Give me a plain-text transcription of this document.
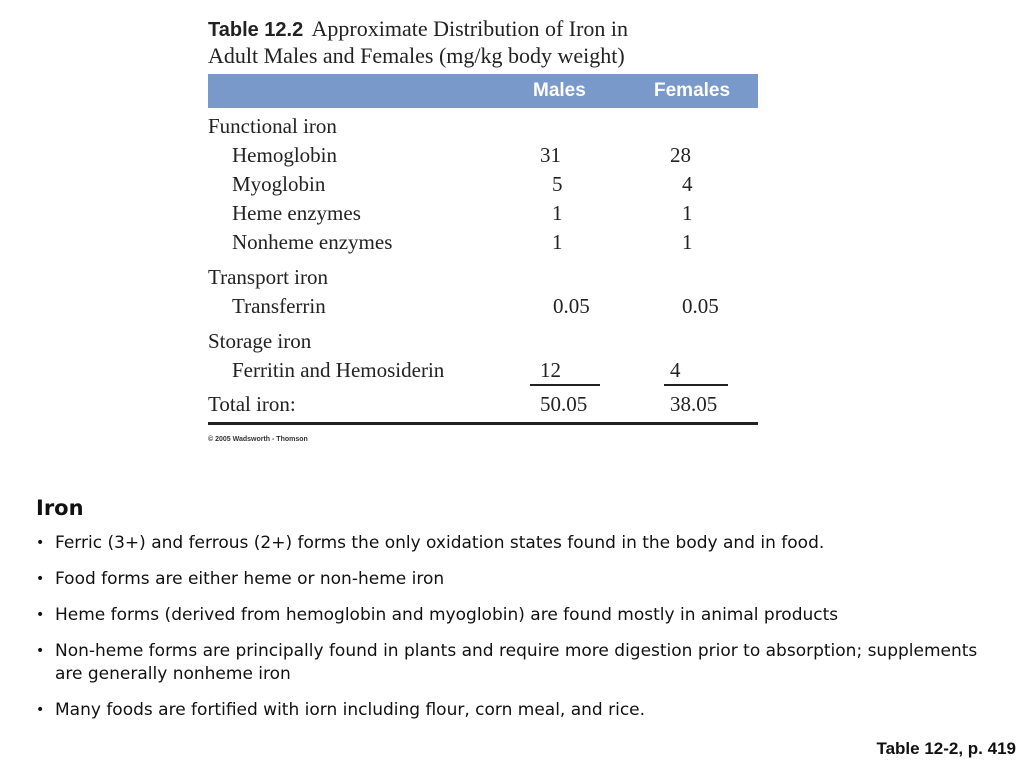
Table 12.2 Approximate Distribution of Iron in
Adult Males and Females (mg/kg body weight)
Males	Females
Functional iron
Hemoglobin	31	28
Myoglobin	5	4
Heme enzymes	1	1
Nonheme enzymes	1	1
Transport iron
Transferrin	0.05	0.05
Storage iron
Ferritin and Hemosiderin	12	4
Total iron:	50.05	38.05
© 2005 Wadsworth - Thomson
Iron
• Ferric (3+) and ferrous (2+) forms the only oxidation states found in the body and in food.
• Food forms are either heme or non-heme iron
• Heme forms (derived from hemoglobin and myoglobin) are found mostly in animal products
• Non-heme forms are principally found in plants and require more digestion prior to absorption; supplements are generally nonheme iron
• Many foods are fortified with iorn including flour, corn meal, and rice.
Table 12-2, p. 419
